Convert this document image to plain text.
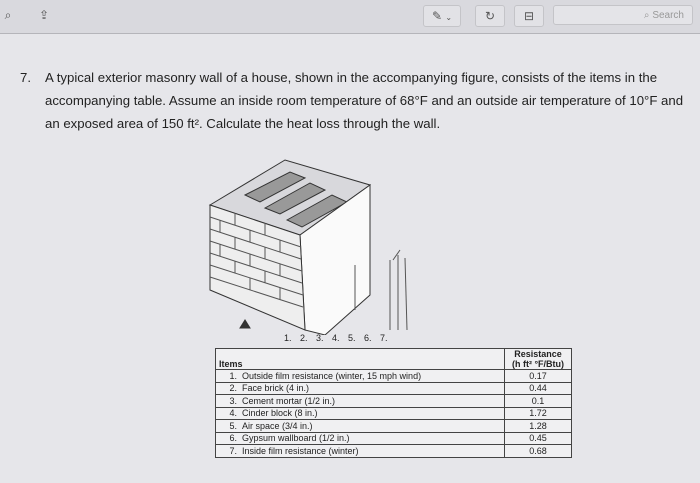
⌕	⇪	✎ ⌄	↻	⊟	⌕ Search
7. A typical exterior masonry wall of a house, shown in the accompanying figure, consists of the items in the accompanying table. Assume an inside room temperature of 68°F and an outside air temperature of 10°F and an exposed area of 150 ft². Calculate the heat loss through the wall.
1. 2. 3. 4. 5. 6. 7.
Items	Resistance
(h ft² °F/Btu)
1. Outside film resistance (winter, 15 mph wind)	0.17
2. Face brick (4 in.)	0.44
3. Cement mortar (1/2 in.)	0.1
4. Cinder block (8 in.)	1.72
5. Air space (3/4 in.)	1.28
6. Gypsum wallboard (1/2 in.)	0.45
7. Inside film resistance (winter)	0.68
